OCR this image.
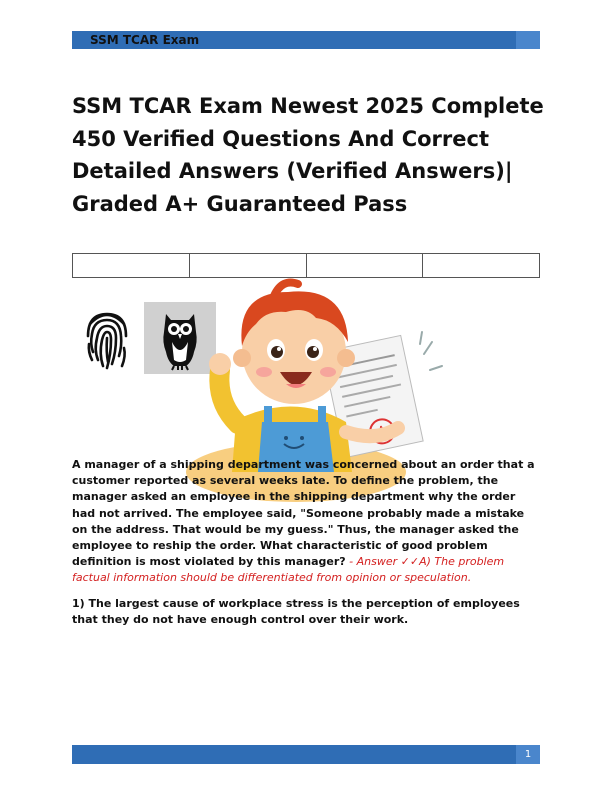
SSM TCAR Exam
SSM TCAR Exam Newest 2025 Complete
450 Verified Questions And Correct
Detailed Answers (Verified Answers)|
Graded A+ Guaranteed Pass

A
A manager of a shipping department was concerned about an order that a customer reported as several weeks late. To define the problem, the manager asked an employee in the shipping department why the order had not arrived. The employee said, "Someone probably made a mistake on the address. That would be my guess." Thus, the manager asked the employee to reship the order. What characteristic of good problem definition is most violated by this manager? - Answer ✓✓A) The problem factual information should be differentiated from opinion or speculation.
1) The largest cause of workplace stress is the perception of employees that they do not have enough control over their work.
1
